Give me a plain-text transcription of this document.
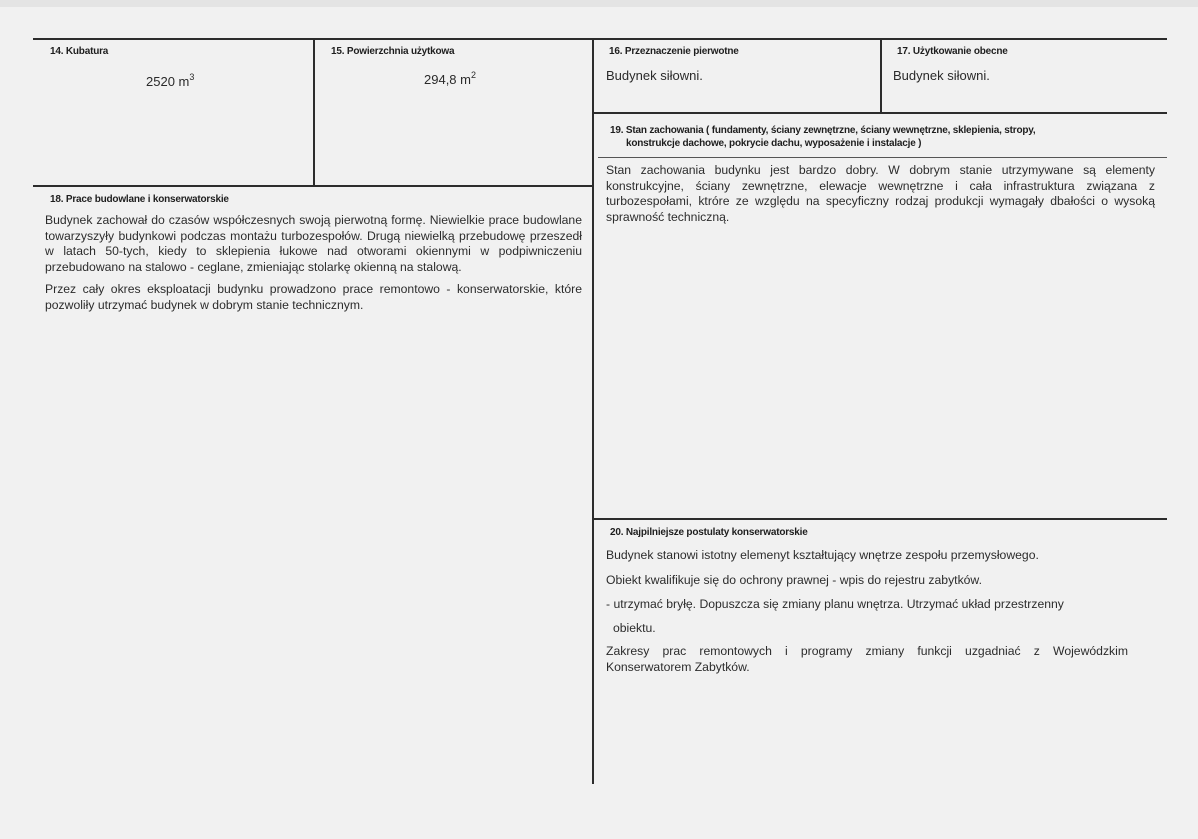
14. Kubatura
2520 $m^3$
15. Powierzchnia użytkowa
294,8 $m^2$
16. Przeznaczenie pierwotne
Budynek siłowni.
17. Użytkowanie obecne
Budynek siłowni.
19. Stan zachowania ( fundamenty, ściany zewnętrzne, ściany wewnętrzne, sklepienia, stropy,
konstrukcje dachowe, pokrycie dachu, wyposażenie i instalacje )

Stan zachowania budynku jest bardzo dobry. W dobrym stanie utrzymywane są elementy konstrukcyjne, ściany zewnętrzne, elewacje wewnętrzne i cała infrastruktura związana z turbozespołami, ktróre ze względu na specyficzny rodzaj produkcji wymagały dbałości o wysoką sprawność techniczną.

18. Prace budowlane i konserwatorskie

Budynek zachował do czasów współczesnych swoją pierwotną formę. Niewielkie prace budowlane towarzyszyły budynkowi podczas montażu turbozespołów. Drugą niewielką przebudowę przeszedł w latach 50-tych, kiedy to sklepienia łukowe nad otworami okiennymi w podpiwniczeniu przebudowano na stalowo - ceglane, zmieniając stolarkę okienną na stalową.

Przez cały okres eksploatacji budynku prowadzono prace remontowo - konserwatorskie, które pozwoliły utrzymać budynek w dobrym stanie technicznym.

20. Najpilniejsze postulaty konserwatorskie

Budynek stanowi istotny elemenyt kształtujący wnętrze zespołu przemysłowego.

Obiekt kwalifikuje się do ochrony prawnej - wpis do rejestru zabytków.

- utrzymać bryłę. Dopuszcza się zmiany planu wnętrza. Utrzymać układ przestrzenny

obiektu.

Zakresy prac remontowych i programy zmiany funkcji uzgadniać z Wojewódzkim Konserwatorem Zabytków.
